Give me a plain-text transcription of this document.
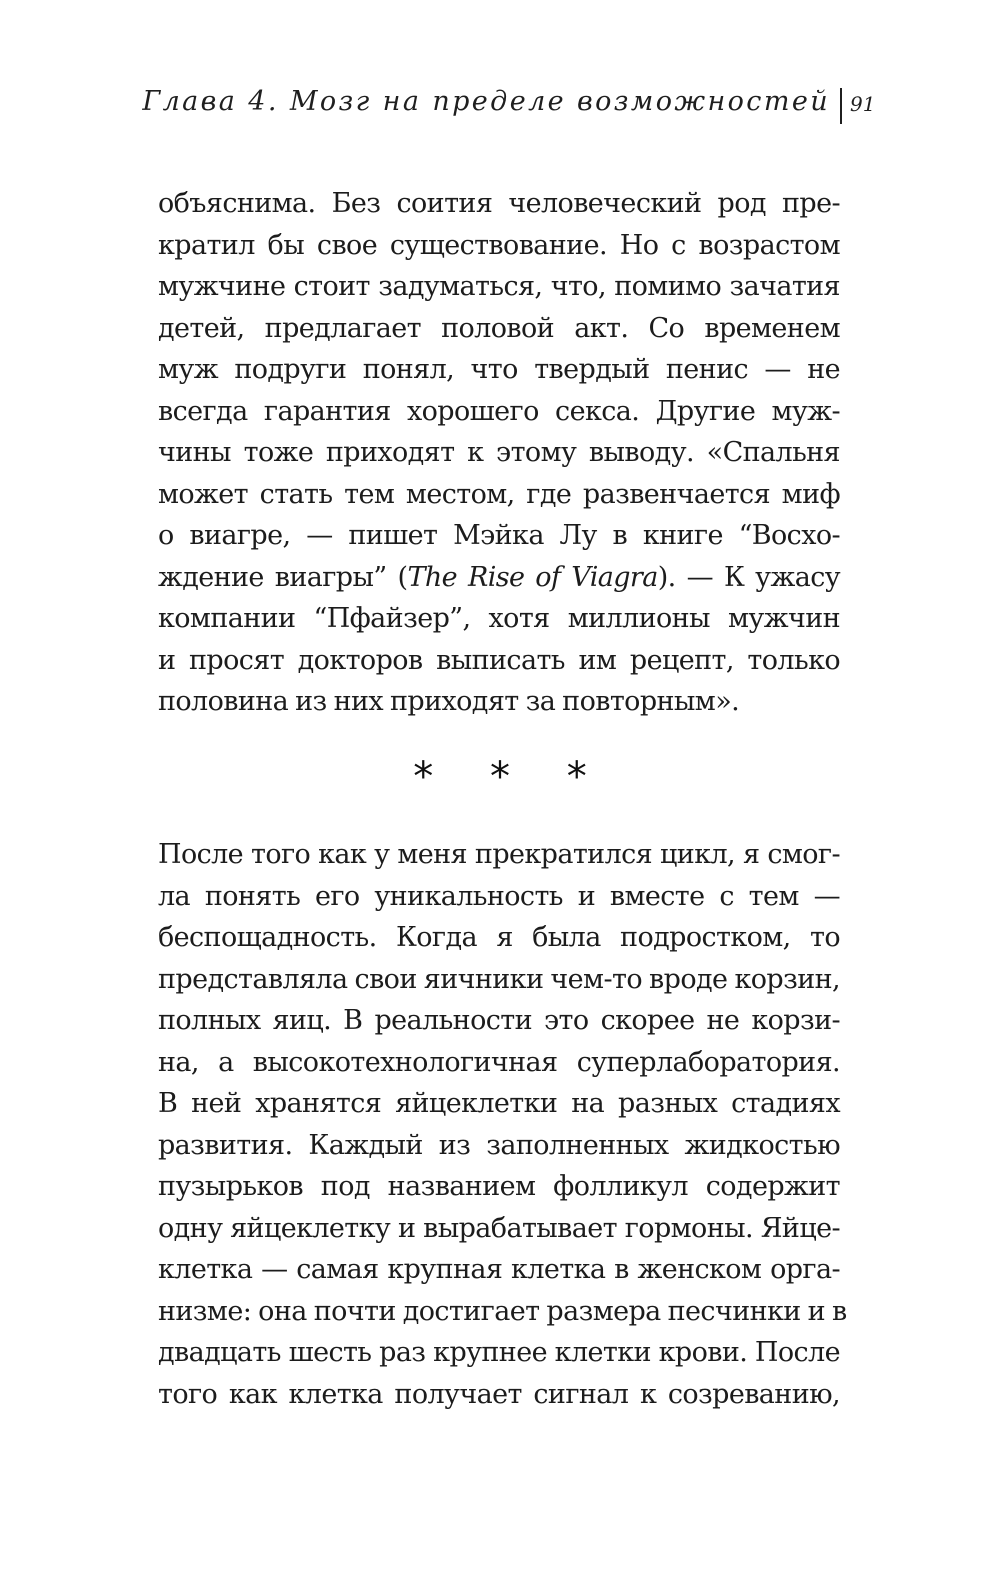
Глава 4. Мозг на пределе возможностей 91
объяснима. Без соития человеческий род пре-
кратил бы свое существование. Но с возрастом
мужчине стоит задуматься, что, помимо зачатия
детей, предлагает половой акт. Со временем
муж подруги понял, что твердый пенис — не
всегда гарантия хорошего секса. Другие муж-
чины тоже приходят к этому выводу. «Спальня
может стать тем местом, где развенчается миф
о виагре, — пишет Мэйка Лу в книге “Восхо-
ждение виагры” (The Rise of Viagra). — К ужасу
компании “Пфайзер”, хотя миллионы мужчин
и просят докторов выписать им рецепт, только
половина из них приходят за повторным».
* * *
После того как у меня прекратился цикл, я смог-
ла понять его уникальность и вместе с тем —
беспощадность. Когда я была подростком, то
представляла свои яичники чем-то вроде корзин,
полных яиц. В реальности это скорее не корзи-
на, а высокотехнологичная суперлаборатория.
В ней хранятся яйцеклетки на разных стадиях
развития. Каждый из заполненных жидкостью
пузырьков под названием фолликул содержит
одну яйцеклетку и вырабатывает гормоны. Яйце-
клетка — самая крупная клетка в женском орга-
низме: она почти достигает размера песчинки и в
двадцать шесть раз крупнее клетки крови. После
того как клетка получает сигнал к созреванию,
